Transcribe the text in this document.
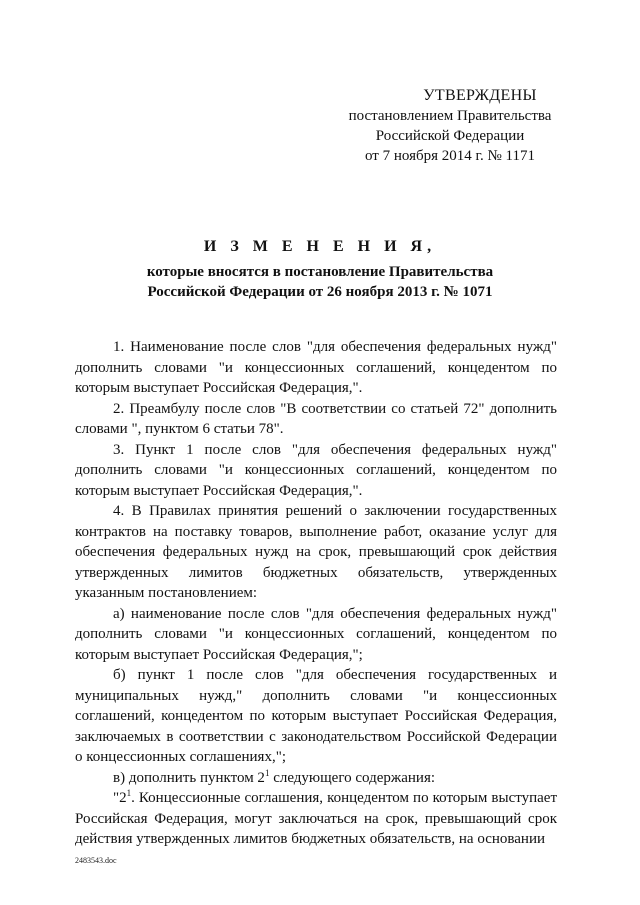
УТВЕРЖДЕНЫ
постановлением Правительства
Российской Федерации
от 7 ноября 2014 г. № 1171
И З М Е Н Е Н И Я,
которые вносятся в постановление Правительства
Российской Федерации от 26 ноября 2013 г. № 1071

1. Наименование после слов "для обеспечения федеральных нужд" дополнить словами "и концессионных соглашений, концедентом по которым выступает Российская Федерация,".

2. Преамбулу после слов "В соответствии со статьей 72" дополнить словами ", пунктом 6 статьи 78".

3. Пункт 1 после слов "для обеспечения федеральных нужд" дополнить словами "и концессионных соглашений, концедентом по которым выступает Российская Федерация,".

4. В Правилах принятия решений о заключении государственных контрактов на поставку товаров, выполнение работ, оказание услуг для обеспечения федеральных нужд на срок, превышающий срок действия утвержденных лимитов бюджетных обязательств, утвержденных указанным постановлением:

а) наименование после слов "для обеспечения федеральных нужд" дополнить словами "и концессионных соглашений, концедентом по которым выступает Российская Федерация,";

б) пункт 1 после слов "для обеспечения государственных и муниципальных нужд," дополнить словами "и концессионных соглашений, концедентом по которым выступает Российская Федерация, заключаемых в соответствии с законодательством Российской Федерации о концессионных соглашениях,";

в) дополнить пунктом $2^1$ следующего содержания:

"$2^1$. Концессионные соглашения, концедентом по которым выступает Российская Федерация, могут заключаться на срок, превышающий срок действия утвержденных лимитов бюджетных обязательств, на основании

2483543.doc
